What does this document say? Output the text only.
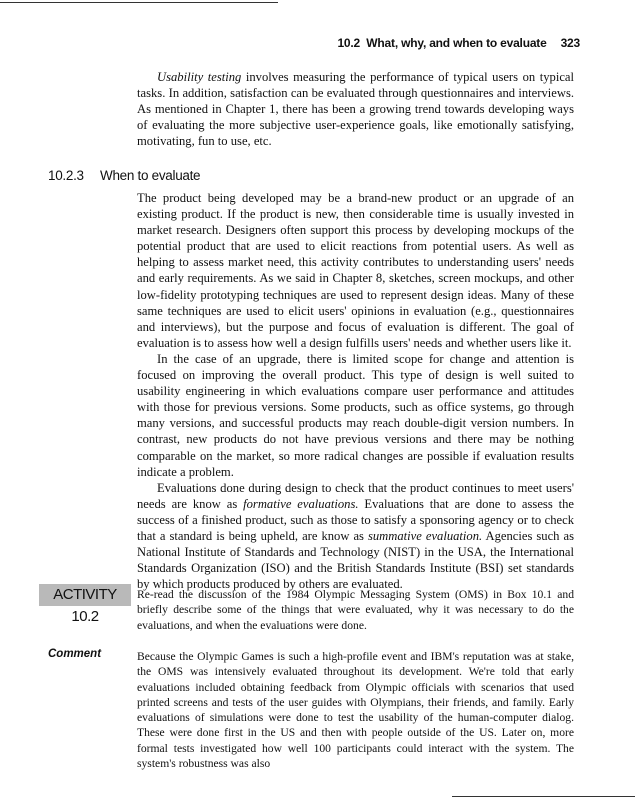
10.2 What, why, and when to evaluate 323

Usability testing involves measuring the performance of typical users on typical tasks. In addition, satisfaction can be evaluated through questionnaires and interviews. As mentioned in Chapter 1, there has been a growing trend towards developing ways of evaluating the more subjective user-experience goals, like emotionally satisfying, motivating, fun to use, etc.

10.2.3 When to evaluate

The product being developed may be a brand-new product or an upgrade of an existing product. If the product is new, then considerable time is usually invested in market research. Designers often support this process by developing mockups of the potential product that are used to elicit reactions from potential users. As well as helping to assess market need, this activity contributes to understanding users' needs and early requirements. As we said in Chapter 8, sketches, screen mockups, and other low-fidelity prototyping techniques are used to represent design ideas. Many of these same techniques are used to elicit users' opinions in evaluation (e.g., questionnaires and interviews), but the purpose and focus of evaluation is different. The goal of evaluation is to assess how well a design fulfills users' needs and whether users like it.

In the case of an upgrade, there is limited scope for change and attention is focused on improving the overall product. This type of design is well suited to usability engineering in which evaluations compare user performance and attitudes with those for previous versions. Some products, such as office systems, go through many versions, and successful products may reach double-digit version numbers. In contrast, new products do not have previous versions and there may be nothing comparable on the market, so more radical changes are possible if evaluation results indicate a problem.

Evaluations done during design to check that the product continues to meet users' needs are know as formative evaluations. Evaluations that are done to assess the success of a finished product, such as those to satisfy a sponsoring agency or to check that a standard is being upheld, are know as summative evaluation. Agencies such as National Institute of Standards and Technology (NIST) in the USA, the International Standards Organization (ISO) and the British Standards Institute (BSI) set standards by which products produced by others are evaluated.

ACTIVITY 10.2
Re-read the discussion of the 1984 Olympic Messaging System (OMS) in Box 10.1 and briefly describe some of the things that were evaluated, why it was necessary to do the evaluations, and when the evaluations were done.
Comment	Because the Olympic Games is such a high-profile event and IBM's reputation was at stake, the OMS was intensively evaluated throughout its development. We're told that early evaluations included obtaining feedback from Olympic officials with scenarios that used printed screens and tests of the user guides with Olympians, their friends, and family. Early evaluations of simulations were done to test the usability of the human-computer dialog. These were done first in the US and then with people outside of the US. Later on, more formal tests investigated how well 100 participants could interact with the system. The system's robustness was also
